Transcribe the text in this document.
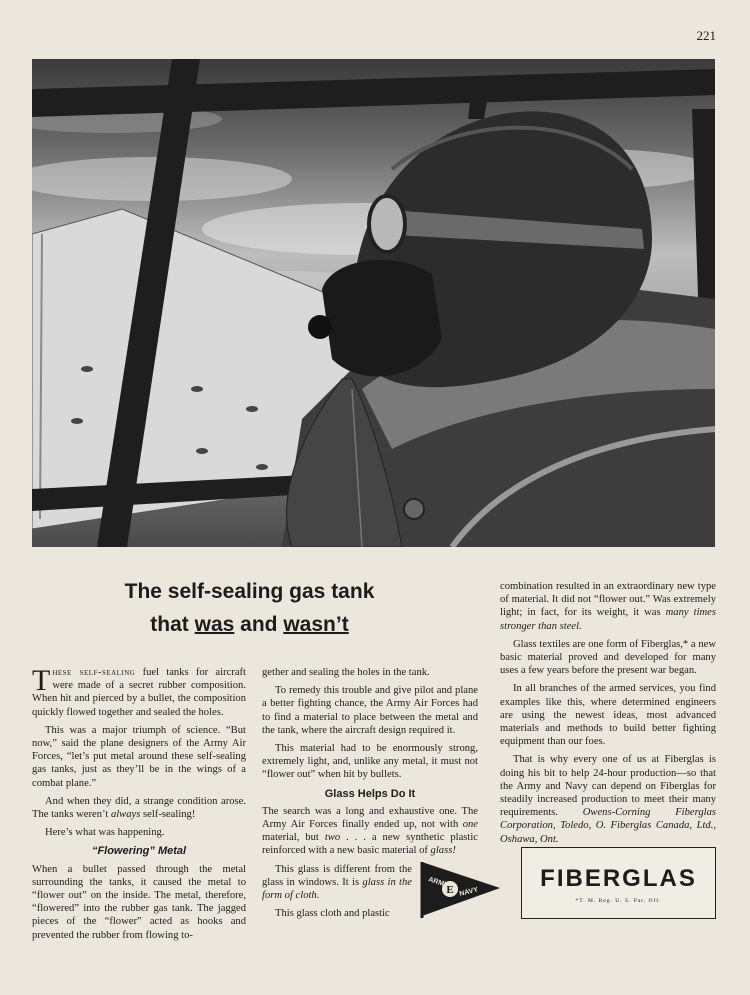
221
The self-sealing gas tank
that was and wasn’t

These self-sealing fuel tanks for aircraft were made of a secret rubber composition. When hit and pierced by a bullet, the composition quickly flowed together and sealed the holes.

This was a major triumph of science. “But now,” said the plane designers of the Army Air Forces, “let’s put metal around these self-sealing gas tanks, just as they’ll be in the wings of a combat plane.”

And when they did, a strange condition arose. The tanks weren’t always self-sealing!

Here’s what was happening.

“Flowering” Metal

When a bullet passed through the metal surrounding the tanks, it caused the metal to “flower out” on the inside. The metal, therefore, “flowered” into the rubber gas tank. The jagged pieces of the “flower” acted as hooks and prevented the rubber from flowing to-

gether and sealing the holes in the tank.

To remedy this trouble and give pilot and plane a better fighting chance, the Army Air Forces had to find a material to place between the metal and the tank, where the aircraft design required it.

This material had to be enormously strong, extremely light, and, unlike any metal, it must not “flower out” when hit by bullets.

Glass Helps Do It

The search was a long and exhaustive one. The Army Air Forces finally ended up, not with one material, but two . . . a new synthetic plastic reinforced with a new basic material of glass!

This glass is different from the glass in windows. It is glass in the form of cloth.

This glass cloth and plastic

E
ARMY
NAVY

combination resulted in an extraordinary new type of material. It did not “flower out.” Was extremely light; in fact, for its weight, it was many times stronger than steel.

Glass textiles are one form of Fiberglas,* a new basic material proved and developed for many uses a few years before the present war began.

In all branches of the armed services, you find examples like this, where determined engineers are using the newest ideas, most advanced materials and methods to build better fighting equipment than our foes.

That is why every one of us at Fiberglas is doing his bit to help 24-hour production—so that the Army and Navy can depend on Fiberglas for steadily increased production to meet their many requirements. Owens-Corning Fiberglas Corporation, Toledo, O. Fiberglas Canada, Ltd., Oshawa, Ont.

FIBERGLAS
*T. M. Reg. U. S. Pat. Off.
